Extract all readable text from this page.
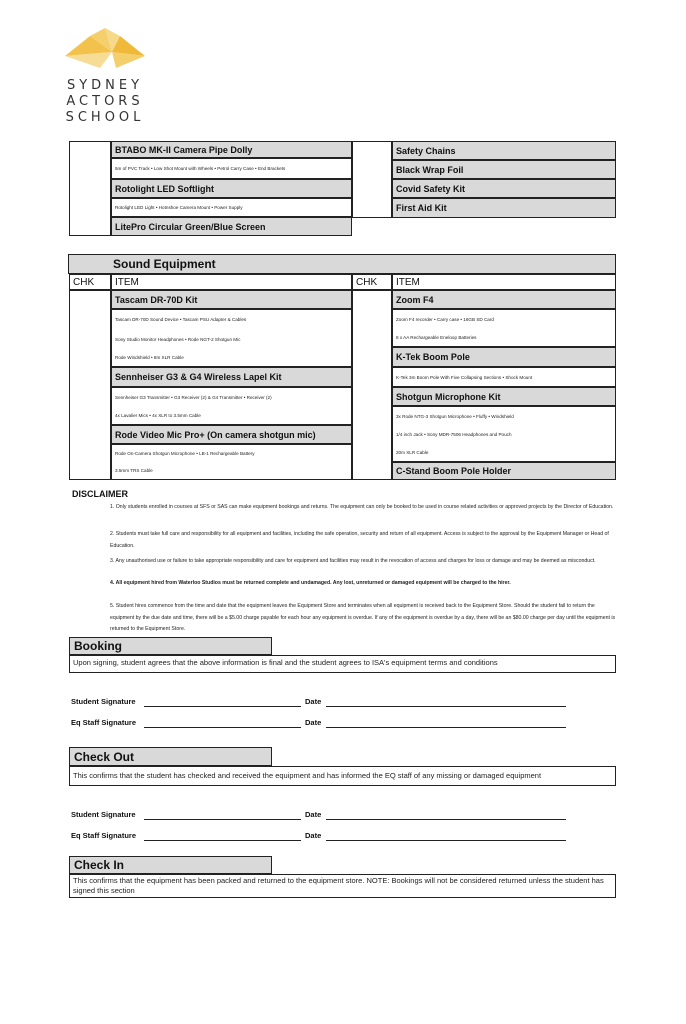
SYDNEY
ACTORS
SCHOOL
BTABO MK-II Camera Pipe Dolly
5m of PVC Track • Low Shot Mount with Wheels • Petrol Carry Case • End Brackets
Rotolight LED Softlight
Rotolight LED Light • Hotnshoe Camera Mount • Power Supply
LitePro Circular Green/Blue Screen
Safety Chains
Black Wrap Foil
Covid Safety Kit
First Aid Kit
Sound Equipment
CHK	ITEM	CHK	ITEM
Tascam DR-70D Kit
Tascam DR-70D Sound Device • Tascam PSU Adapter & Cables
Sony Studio Monitor Headphones • Rode NGT-2 Shotgun Mic
Rode Windshield • 8m XLR Cable
Sennheiser G3 & G4 Wireless Lapel Kit
Sennheiser G3 Transmitter • G3 Receiver (2) & G4 Transmitter • Receiver (2)
4x Lavalier Mics • 4x XLR to 3.5mm Cable
Rode Video Mic Pro+ (On camera shotgun mic)
Rode On-Camera Shotgun Microphone • LB-1 Rechargeable Battery
3.5mm TRS Cable
Zoom F4
Zoom F4 recorder • Carry case • 16GB SD Card
8 x AA Rechargeable Eneloop Batteries
K-Tek Boom Pole
K-Tek 3m Boom Pole With Five Collapsing Sections • Shock Mount
Shotgun Microphone Kit
3x Rode NTG-3 Shotgun Microphone • Fluffy • Windshield
1/4 inch Jack • Sony MDR-7506 Headphones and Pouch
20m XLR Cable
C-Stand Boom Pole Holder
DISCLAIMER
1. Only students enrolled in courses at SFS or SAS can make equipment bookings and returns. The equipment can only be booked to be used in course related activities or approved projects by the Director of Education.
2. Students must take full care and responsibility for all equipment and facilities, including the safe operation, security and return of all equipment. Access is subject to the approval by the Equipment Manager or Head of Education.
3. Any unauthorised use or failure to take appropriate responsibility and care for equipment and facilities may result in the revocation of access and charges for loss or damage and may be deemed as misconduct.
4. All equipment hired from Waterloo Studios must be returned complete and undamaged. Any lost, unreturned or damaged equipment will be charged to the hirer.
5. Student hires commence from the time and date that the equipment leaves the Equipment Store and terminates when all equipment is received back to the Equipment Store. Should the student fail to return the equipment by the due date and time, there will be a $5.00 charge payable for each hour any equipment is overdue. If any of the equipment is overdue by a day, there will be an $80.00 charge per day until the equipment is returned to the Equipment Store.
Booking
Upon signing, student agrees that the above information is final and the student agrees to ISA's equipment terms and conditions
Student Signature	Date
Eq Staff Signature	Date
Check Out
This confirms that the student has checked and received the equipment and has informed the EQ staff of any missing or damaged equipment
Student Signature	Date
Eq Staff Signature	Date
Check In
This confirms that the equipment has been packed and returned to the equipment store. NOTE: Bookings will not be considered returned unless the student has signed this section
